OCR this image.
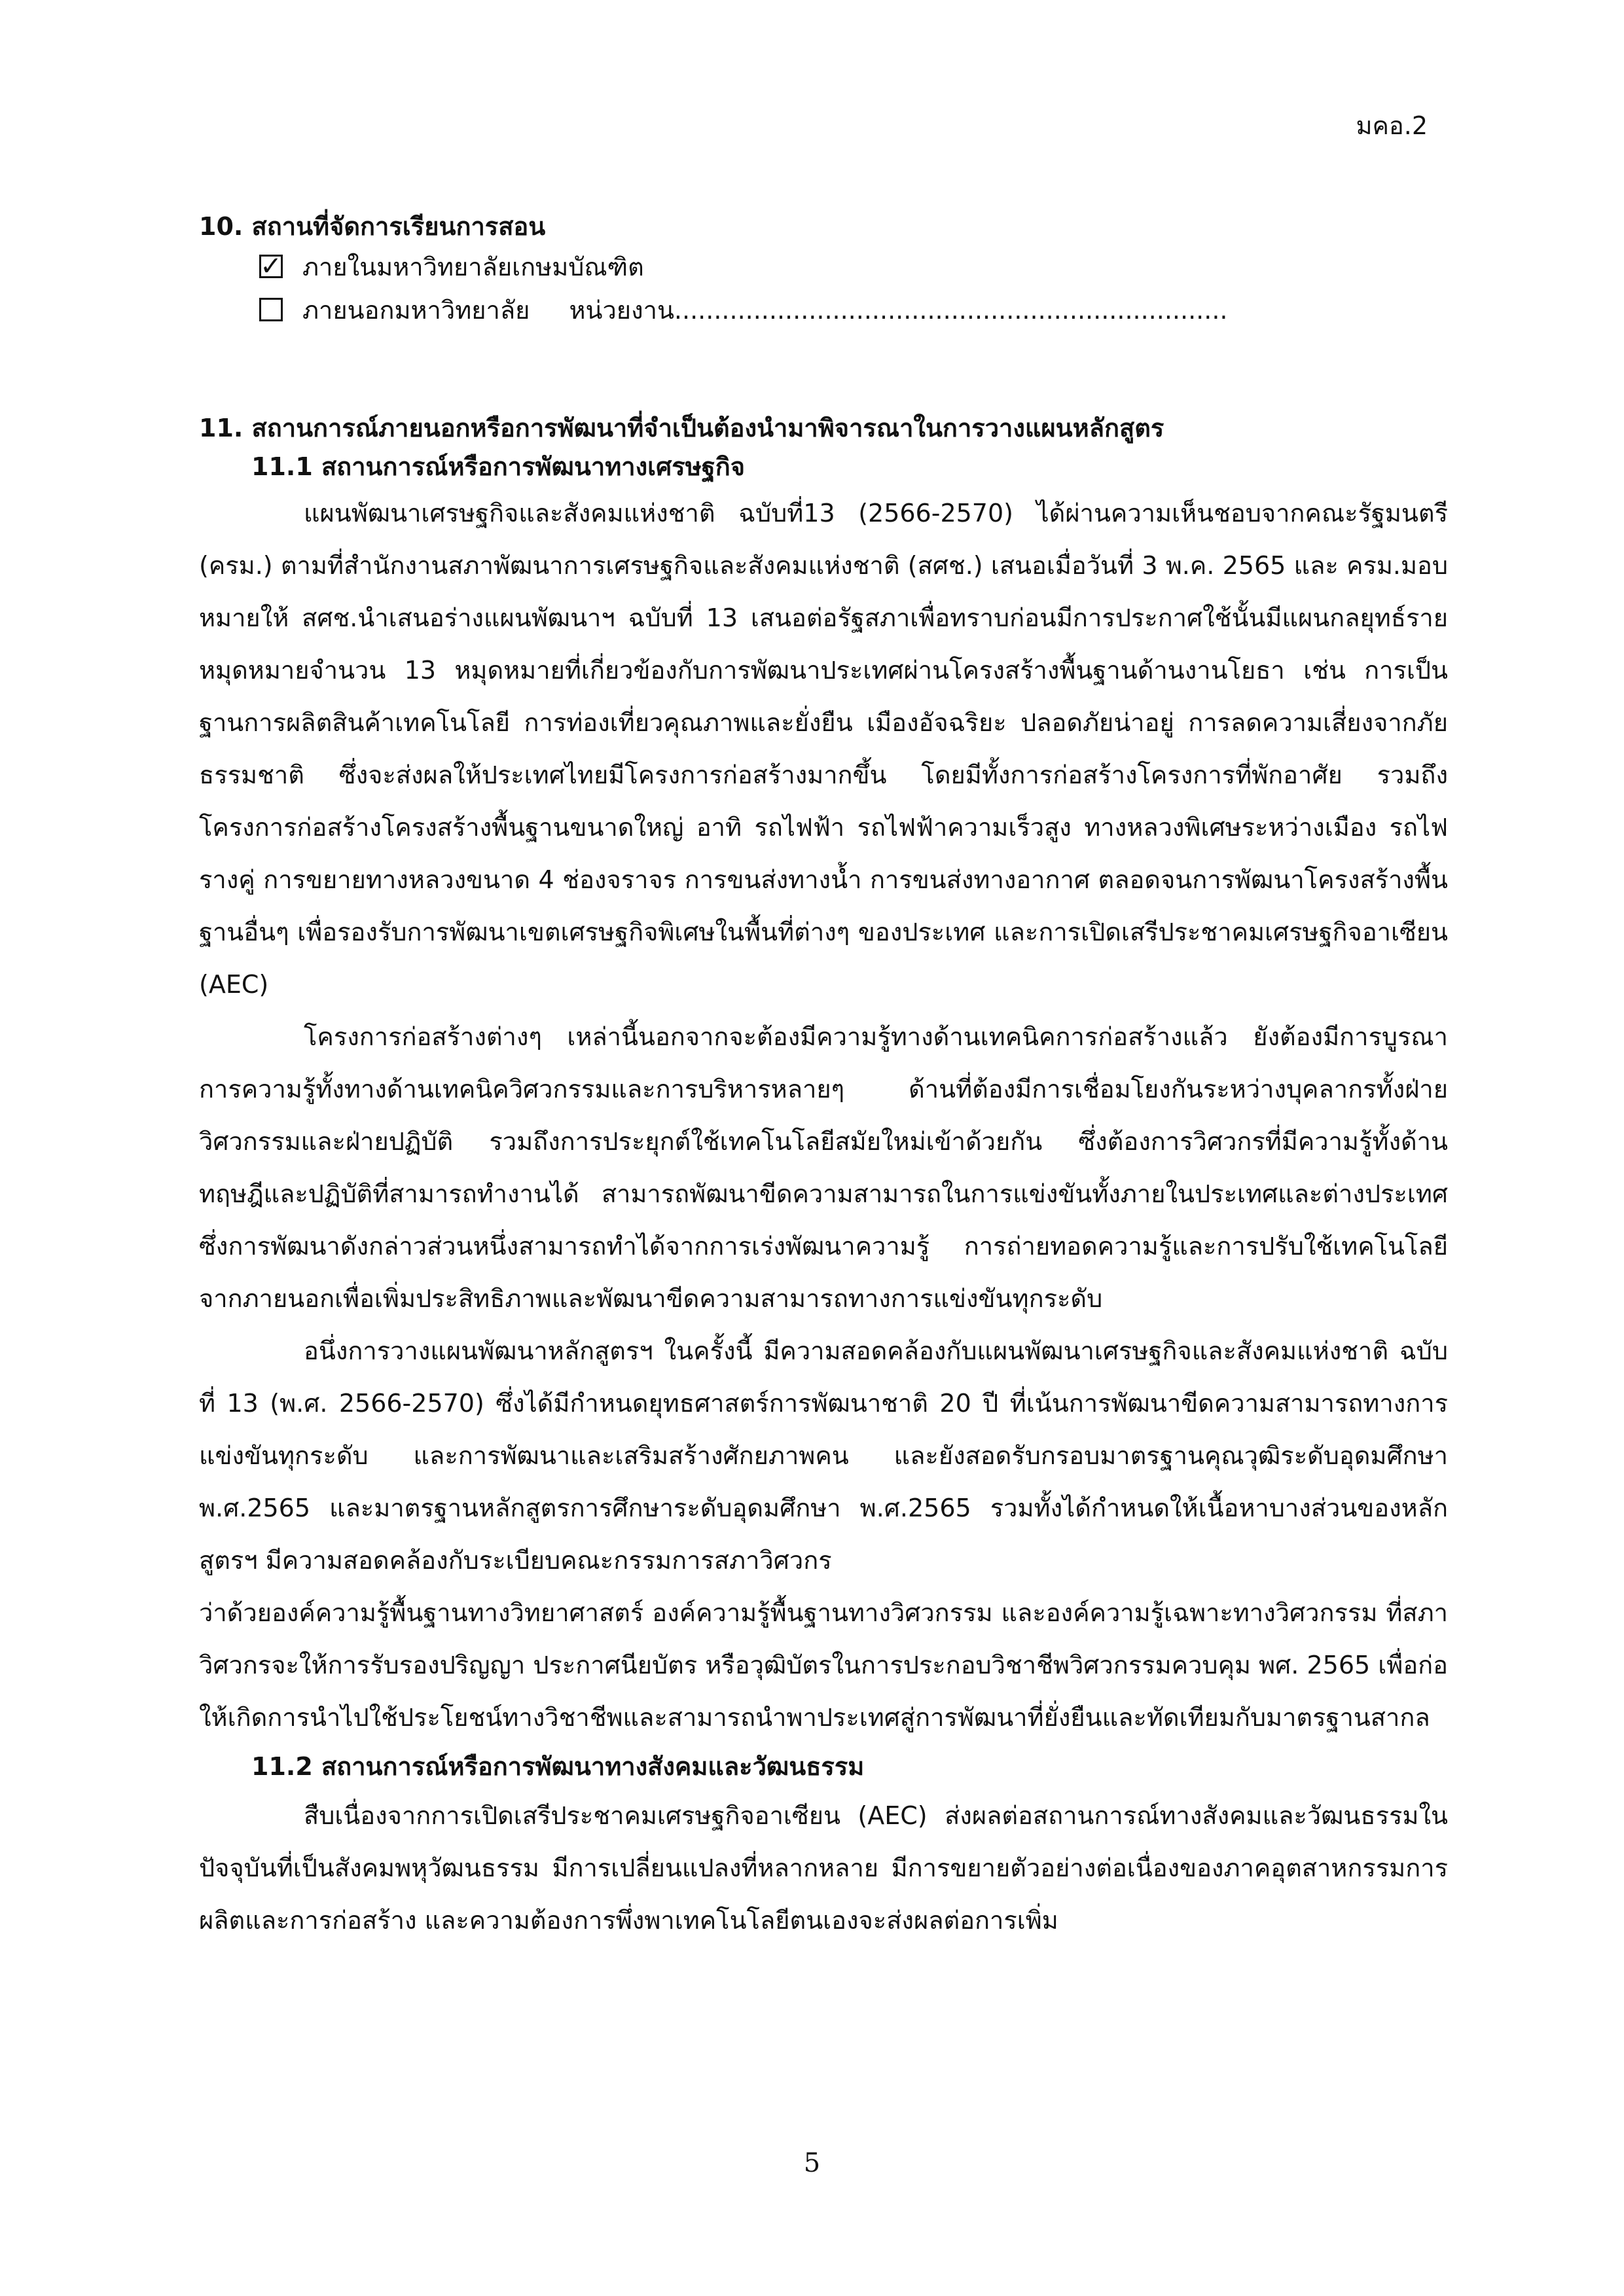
มคอ.2
10. สถานที่จัดการเรียนการสอน
✓ ภายในมหาวิทยาลัยเกษมบัณฑิต
ภายนอกมหาวิทยาลัย หน่วยงาน......................................................................
11. สถานการณ์ภายนอกหรือการพัฒนาที่จำเป็นต้องนำมาพิจารณาในการวางแผนหลักสูตร
11.1 สถานการณ์หรือการพัฒนาทางเศรษฐกิจ

แผนพัฒนาเศรษฐกิจและสังคมแห่งชาติ ฉบับที่13 (2566-2570) ได้ผ่านความเห็นชอบจากคณะรัฐมนตรี (ครม.) ตามที่สำนักงานสภาพัฒนาการเศรษฐกิจและสังคมแห่งชาติ (สศช.) เสนอเมื่อวันที่ 3 พ.ค. 2565 และ ครม.มอบหมายให้ สศช.นำเสนอร่างแผนพัฒนาฯ ฉบับที่ 13 เสนอต่อรัฐสภาเพื่อทราบก่อนมีการประกาศใช้นั้นมีแผนกลยุทธ์รายหมุดหมายจำนวน 13 หมุดหมายที่เกี่ยวข้องกับการพัฒนาประเทศผ่านโครงสร้างพื้นฐานด้านงานโยธา เช่น การเป็นฐานการผลิตสินค้าเทคโนโลยี การท่องเที่ยวคุณภาพและยั่งยืน เมืองอัจฉริยะ ปลอดภัยน่าอยู่ การลดความเสี่ยงจากภัยธรรมชาติ ซึ่งจะส่งผลให้ประเทศไทยมีโครงการก่อสร้างมากขึ้น โดยมีทั้งการก่อสร้างโครงการที่พักอาศัย รวมถึงโครงการก่อสร้างโครงสร้างพื้นฐานขนาดใหญ่ อาทิ รถไฟฟ้า รถไฟฟ้าความเร็วสูง ทางหลวงพิเศษระหว่างเมือง รถไฟรางคู่ การขยายทางหลวงขนาด 4 ช่องจราจร การขนส่งทางน้ำ การขนส่งทางอากาศ ตลอดจนการพัฒนาโครงสร้างพื้นฐานอื่นๆ เพื่อรองรับการพัฒนาเขตเศรษฐกิจพิเศษในพื้นที่ต่างๆ ของประเทศ และการเปิดเสรีประชาคมเศรษฐกิจอาเซียน (AEC)

โครงการก่อสร้างต่างๆ เหล่านี้นอกจากจะต้องมีความรู้ทางด้านเทคนิคการก่อสร้างแล้ว ยังต้องมีการบูรณาการความรู้ทั้งทางด้านเทคนิควิศวกรรมและการบริหารหลายๆ ด้านที่ต้องมีการเชื่อมโยงกันระหว่างบุคลากรทั้งฝ่ายวิศวกรรมและฝ่ายปฏิบัติ รวมถึงการประยุกต์ใช้เทคโนโลยีสมัยใหม่เข้าด้วยกัน ซึ่งต้องการวิศวกรที่มีความรู้ทั้งด้านทฤษฎีและปฏิบัติที่สามารถทำงานได้ สามารถพัฒนาขีดความสามารถในการแข่งขันทั้งภายในประเทศและต่างประเทศซึ่งการพัฒนาดังกล่าวส่วนหนึ่งสามารถทำได้จากการเร่งพัฒนาความรู้ การถ่ายทอดความรู้และการปรับใช้เทคโนโลยีจากภายนอกเพื่อเพิ่มประสิทธิภาพและพัฒนาขีดความสามารถทางการแข่งขันทุกระดับ

อนึ่งการวางแผนพัฒนาหลักสูตรฯ ในครั้งนี้ มีความสอดคล้องกับแผนพัฒนาเศรษฐกิจและสังคมแห่งชาติ ฉบับที่ 13 (พ.ศ. 2566-2570) ซึ่งได้มีกำหนดยุทธศาสตร์การพัฒนาชาติ 20 ปี ที่เน้นการพัฒนาขีดความสามารถทางการแข่งขันทุกระดับ และการพัฒนาและเสริมสร้างศักยภาพคน และยังสอดรับกรอบมาตรฐานคุณวุฒิระดับอุดมศึกษา พ.ศ.2565 และมาตรฐานหลักสูตรการศึกษาระดับอุดมศึกษา พ.ศ.2565 รวมทั้งได้กำหนดให้เนื้อหาบางส่วนของหลักสูตรฯ มีความสอดคล้องกับระเบียบคณะกรรมการสภาวิศวกร

ว่าด้วยองค์ความรู้พื้นฐานทางวิทยาศาสตร์ องค์ความรู้พื้นฐานทางวิศวกรรม และองค์ความรู้เฉพาะทางวิศวกรรม ที่สภาวิศวกรจะให้การรับรองปริญญา ประกาศนียบัตร หรือวุฒิบัตรในการประกอบวิชาชีพวิศวกรรมควบคุม พศ. 2565 เพื่อก่อให้เกิดการนำไปใช้ประโยชน์ทางวิชาชีพและสามารถนำพาประเทศสู่การพัฒนาที่ยั่งยืนและทัดเทียมกับมาตรฐานสากล

11.2 สถานการณ์หรือการพัฒนาทางสังคมและวัฒนธรรม

สืบเนื่องจากการเปิดเสรีประชาคมเศรษฐกิจอาเซียน (AEC) ส่งผลต่อสถานการณ์ทางสังคมและวัฒนธรรมในปัจจุบันที่เป็นสังคมพหุวัฒนธรรม มีการเปลี่ยนแปลงที่หลากหลาย มีการขยายตัวอย่างต่อเนื่องของภาคอุตสาหกรรมการผลิตและการก่อสร้าง และความต้องการพึ่งพาเทคโนโลยีตนเองจะส่งผลต่อการเพิ่ม

5
